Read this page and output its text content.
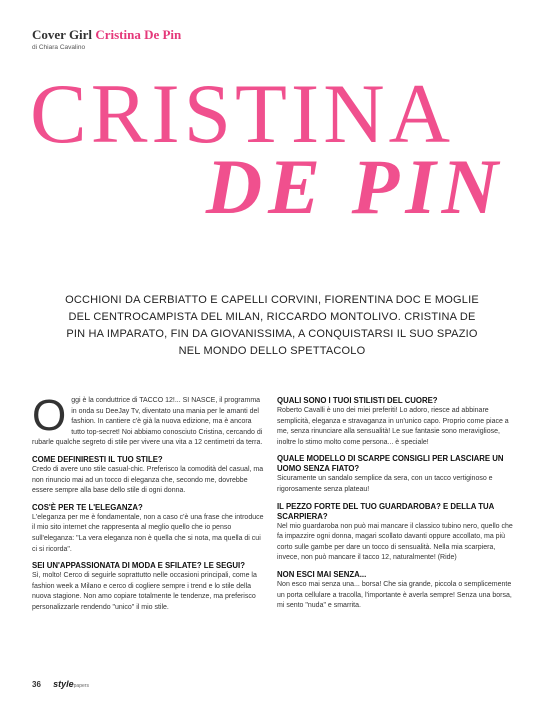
Cover Girl Cristina De Pin
di Chiara Cavalino
CRISTINA
DE PIN
OCCHIONI DA CERBIATTO E CAPELLI CORVINI, FIORENTINA DOC E MOGLIE DEL CENTROCAMPISTA DEL MILAN, RICCARDO MONTOLIVO. CRISTINA DE PIN HA IMPARATO, FIN DA GIOVANISSIMA, A CONQUISTARSI IL SUO SPAZIO NEL MONDO DELLO SPETTACOLO

Oggi è la conduttrice di TACCO 12!... SI NASCE, il programma in onda su DeeJay Tv, diventato una mania per le amanti del fashion. In cantiere c'è già la nuova edizione, ma è ancora tutto top-secret! Noi abbiamo conosciuto Cristina, cercando di rubarle qualche segreto di stile per vivere una vita a 12 centimetri da terra.

COME DEFINIRESTI IL TUO STILE?

Credo di avere uno stile casual-chic. Preferisco la comodità del casual, ma non rinuncio mai ad un tocco di eleganza che, secondo me, dovrebbe essere sempre alla base dello stile di ogni donna.

COS'È PER TE L'ELEGANZA?

L'eleganza per me è fondamentale, non a caso c'è una frase che introduce il mio sito internet che rappresenta al meglio quello che io penso sull'eleganza: "La vera eleganza non è quella che si nota, ma quella di cui ci si ricorda".

SEI UN'APPASSIONATA DI MODA E SFILATE? LE SEGUI?

Sì, molto! Cerco di seguirle soprattutto nelle occasioni principali, come la fashion week a Milano e cerco di cogliere sempre i trend e lo stile della nuova stagione. Non amo copiare totalmente le tendenze, ma preferisco personalizzarle rendendo "unico" il mio stile.

QUALI SONO I TUOI STILISTI DEL CUORE?

Roberto Cavalli è uno dei miei preferiti! Lo adoro, riesce ad abbinare semplicità, eleganza e stravaganza in un'unico capo. Proprio come piace a me, senza rinunciare alla sensualità! Le sue fantasie sono meravigliose, inoltre lo stimo molto come persona... è speciale!

QUALE MODELLO DI SCARPE CONSIGLI PER LASCIARE UN UOMO SENZA FIATO?

Sicuramente un sandalo semplice da sera, con un tacco vertiginoso e rigorosamente senza plateau!

IL PEZZO FORTE DEL TUO GUARDAROBA? E DELLA TUA SCARPIERA?

Nel mio guardaroba non può mai mancare il classico tubino nero, quello che fa impazzire ogni donna, magari scollato davanti oppure accollato, ma più corto sulle gambe per dare un tocco di sensualità. Nella mia scarpiera, invece, non può mancare il tacco 12, naturalmente! (Ride)

NON ESCI MAI SENZA...

Non esco mai senza una... borsa! Che sia grande, piccola o semplicemente un porta cellulare a tracolla, l'importante è averla sempre! Senza una borsa, mi sento "nuda" e smarrita.

36 stylepapers
